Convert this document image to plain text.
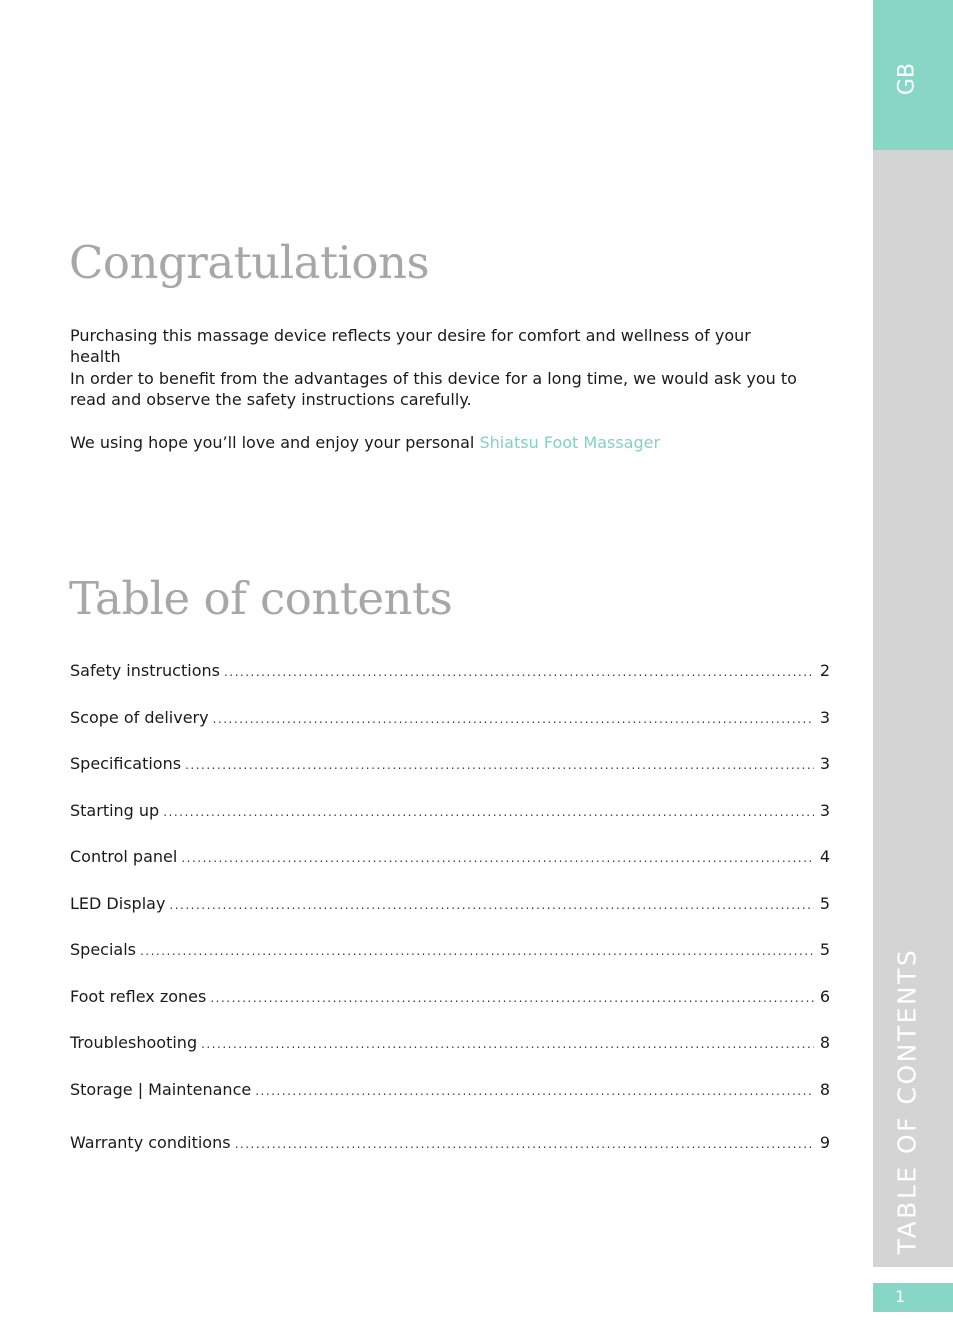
Congratulations

Purchasing this massage device reflects your desire for comfort and wellness of your health

In order to benefit from the advantages of this device for a long time, we would ask you to read and observe the safety instructions carefully.

We using hope you’ll love and enjoy your personal Shiatsu Foot Massager

Table of contents
Safety instructions .....	2
Scope of delivery .....	3
Specifications .....	3
Starting up .....	3
Control panel .....	4
LED Display .....	5
Specials .....	5
Foot reflex zones .....	6
Troubleshooting .....	8
Storage | Maintenance .....	8
Warranty conditions .....	9
GB
TABLE OF CONTENTS
1
